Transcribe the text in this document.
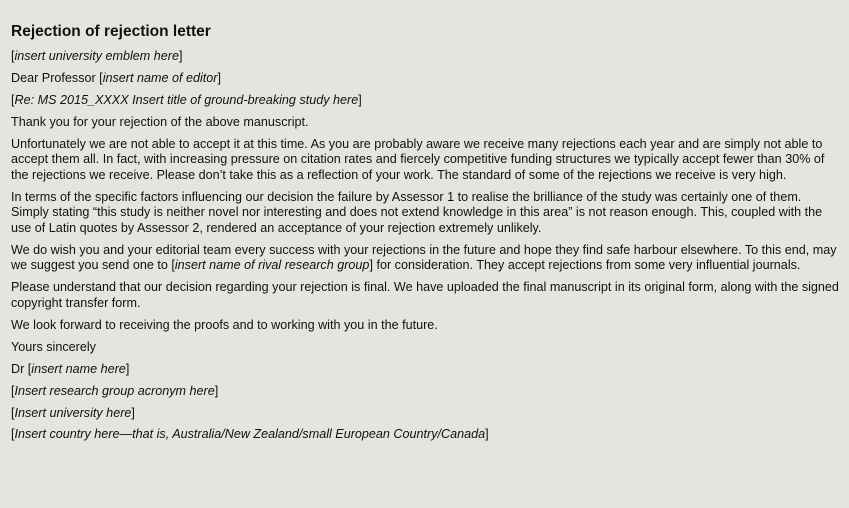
Rejection of rejection letter
[insert university emblem here]
Dear Professor [insert name of editor]
[Re: MS 2015_XXXX Insert title of ground-breaking study here]
Thank you for your rejection of the above manuscript.
Unfortunately we are not able to accept it at this time. As you are probably aware we receive many rejections each year and are simply not able to accept them all. In fact, with increasing pressure on citation rates and fiercely competitive funding structures we typically accept fewer than 30% of the rejections we receive. Please don’t take this as a reflection of your work. The standard of some of the rejections we receive is very high.
In terms of the specific factors influencing our decision the failure by Assessor 1 to realise the brilliance of the study was certainly one of them. Simply stating “this study is neither novel nor interesting and does not extend knowledge in this area” is not reason enough. This, coupled with the use of Latin quotes by Assessor 2, rendered an acceptance of your rejection extremely unlikely.
We do wish you and your editorial team every success with your rejections in the future and hope they find safe harbour elsewhere. To this end, may we suggest you send one to [insert name of rival research group] for consideration. They accept rejections from some very influential journals.
Please understand that our decision regarding your rejection is final. We have uploaded the final manuscript in its original form, along with the signed copyright transfer form.
We look forward to receiving the proofs and to working with you in the future.
Yours sincerely
Dr [insert name here]
[Insert research group acronym here]
[Insert university here]
[Insert country here—that is, Australia/New Zealand/small European Country/Canada]
